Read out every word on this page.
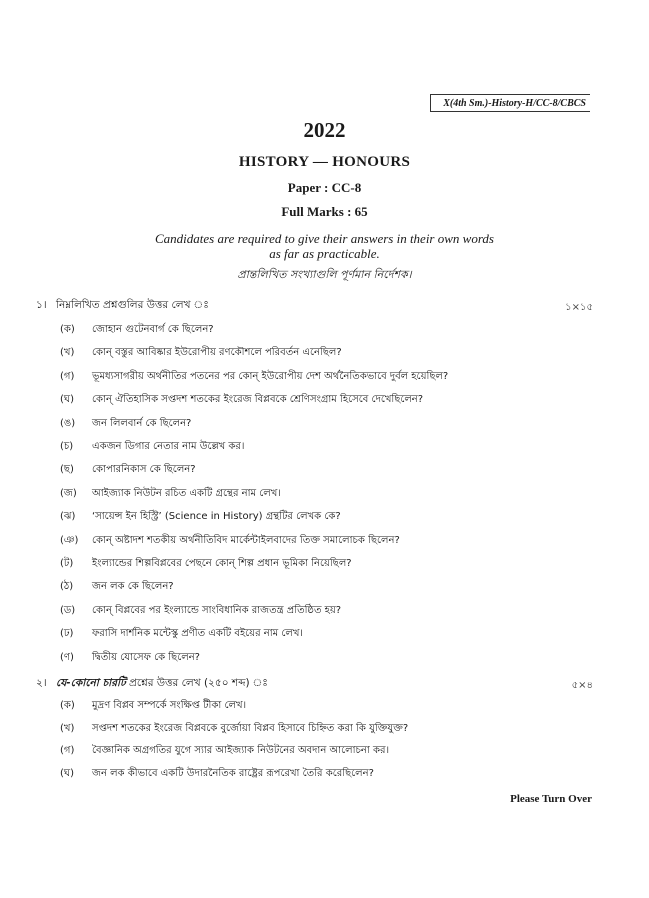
X(4th Sm.)-History-H/CC-8/CBCS
2022
HISTORY — HONOURS
Paper : CC-8
Full Marks : 65
Candidates are required to give their answers in their own words
as far as practicable.
প্রান্তলিখিত সংখ্যাগুলি পূর্ণমান নির্দেশক।
১। নিম্নলিখিত প্রশ্নগুলির উত্তর লেখ ঃ	১×১৫
(ক) জোহান গুটেনবার্গ কে ছিলেন?
(খ) কোন্‌ বস্তুর আবিষ্কার ইউরোপীয় রণকৌশলে পরিবর্তন এনেছিল?
(গ) ভূমধ্যসাগরীয় অর্থনীতির পতনের পর কোন্‌ ইউরোপীয় দেশ অর্থনৈতিকভাবে দুর্বল হয়েছিল?
(ঘ) কোন্‌ ঐতিহাসিক সপ্তদশ শতকের ইংরেজ বিপ্লবকে শ্রেণিসংগ্রাম হিসেবে দেখেছিলেন?
(ঙ) জন লিলবার্ন কে ছিলেন?
(চ) একজন ডিগার নেতার নাম উল্লেখ কর।
(ছ) কোপারনিকাস কে ছিলেন?
(জ) আইজ্যাক নিউটন রচিত একটি গ্রন্থের নাম লেখ।
(ঝ) ‘সায়েন্স ইন হিস্ট্রি’ (Science in History) গ্রন্থটির লেখক কে?
(ঞ) কোন্‌ অষ্টাদশ শতকীয় অর্থনীতিবিদ মার্কেন্টাইলবাদের তিক্ত সমালোচক ছিলেন?
(ট) ইংল্যান্ডের শিল্পবিপ্লবের পেছনে কোন্‌ শিল্প প্রধান ভূমিকা নিয়েছিল?
(ঠ) জন লক কে ছিলেন?
(ড) কোন্‌ বিপ্লবের পর ইংল্যান্ডে সাংবিধানিক রাজতন্ত্র প্রতিষ্ঠিত হয়?
(ঢ) ফরাসি দার্শনিক মন্টেস্কু প্রণীত একটি বইয়ের নাম লেখ।
(ণ) দ্বিতীয় যোসেফ কে ছিলেন?
২। যে-কোনো চারটি প্রশ্নের উত্তর লেখ (২৫০ শব্দ) ঃ	৫×৪
(ক) মুদ্রণ বিপ্লব সম্পর্কে সংক্ষিপ্ত টীকা লেখ।
(খ) সপ্তদশ শতকের ইংরেজ বিপ্লবকে বুর্জোয়া বিপ্লব হিসাবে চিহ্নিত করা কি যুক্তিযুক্ত?
(গ) বৈজ্ঞানিক অগ্রগতির যুগে স্যার আইজ্যাক নিউটনের অবদান আলোচনা কর।
(ঘ) জন লক কীভাবে একটি উদারনৈতিক রাষ্ট্রের রূপরেখা তৈরি করেছিলেন?
Please Turn Over
